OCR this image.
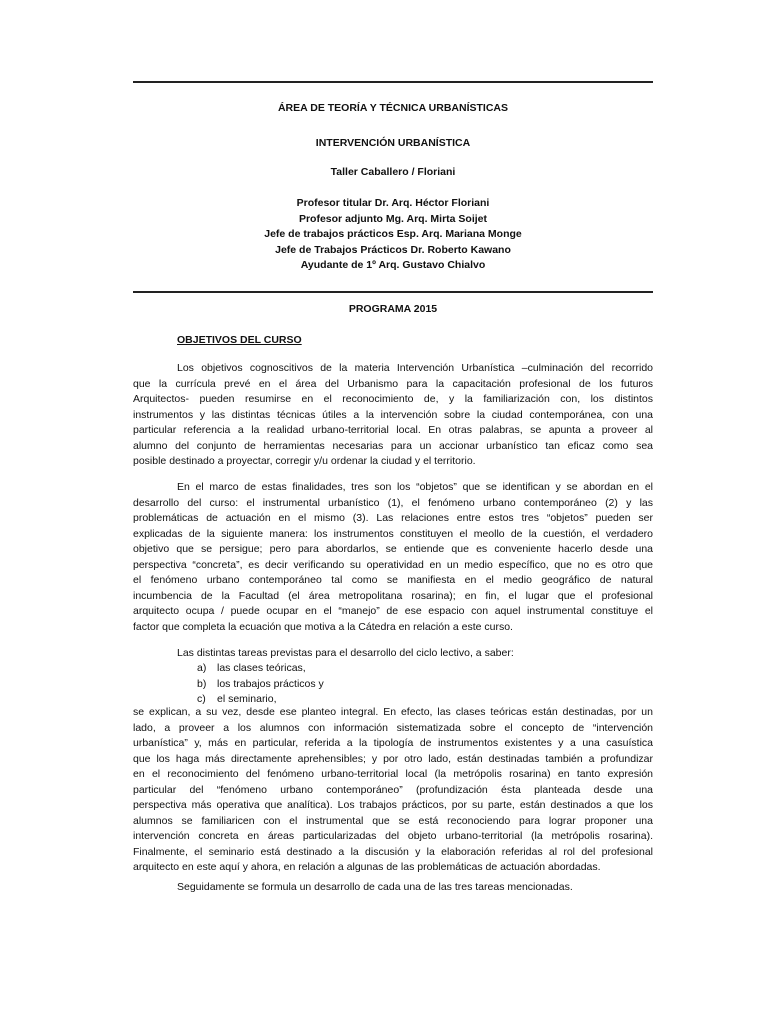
ÁREA DE TEORÍA Y TÉCNICA URBANÍSTICAS
INTERVENCIÓN URBANÍSTICA
Taller Caballero / Floriani
Profesor titular Dr. Arq. Héctor Floriani
Profesor adjunto Mg. Arq. Mirta Soijet
Jefe de trabajos prácticos Esp. Arq. Mariana Monge
Jefe de Trabajos Prácticos Dr. Roberto Kawano
Ayudante de 1º Arq. Gustavo Chialvo
PROGRAMA 2015
OBJETIVOS DEL CURSO
Los objetivos cognoscitivos de la materia Intervención Urbanística –culminación del recorrido
que la currícula prevé en el área del Urbanismo para la capacitación profesional de los futuros
Arquitectos- pueden resumirse en el reconocimiento de, y la familiarización con, los distintos
instrumentos y las distintas técnicas útiles a la intervención sobre la ciudad contemporánea, con una
particular referencia a la realidad urbano-territorial local. En otras palabras, se apunta a proveer al
alumno del conjunto de herramientas necesarias para un accionar urbanístico tan eficaz como sea
posible destinado a proyectar, corregir y/u ordenar la ciudad y el territorio.
En el marco de estas finalidades, tres son los “objetos” que se identifican y se abordan en el
desarrollo del curso: el instrumental urbanístico (1), el fenómeno urbano contemporáneo (2) y las
problemáticas de actuación en el mismo (3). Las relaciones entre estos tres “objetos” pueden ser
explicadas de la siguiente manera: los instrumentos constituyen el meollo de la cuestión, el verdadero
objetivo que se persigue; pero para abordarlos, se entiende que es conveniente hacerlo desde una
perspectiva “concreta”, es decir verificando su operatividad en un medio específico, que no es otro que
el fenómeno urbano contemporáneo tal como se manifiesta en el medio geográfico de natural
incumbencia de la Facultad (el área metropolitana rosarina); en fin, el lugar que el profesional
arquitecto ocupa / puede ocupar en el “manejo” de ese espacio con aquel instrumental constituye el
factor que completa la ecuación que motiva a la Cátedra en relación a este curso.
Las distintas tareas previstas para el desarrollo del ciclo lectivo, a saber:
a) las clases teóricas,
b) los trabajos prácticos y
c) el seminario,
se explican, a su vez, desde ese planteo integral. En efecto, las clases teóricas están destinadas, por un
lado, a proveer a los alumnos con información sistematizada sobre el concepto de “intervención
urbanística” y, más en particular, referida a la tipología de instrumentos existentes y a una casuística
que los haga más directamente aprehensibles; y por otro lado, están destinadas también a profundizar
en el reconocimiento del fenómeno urbano-territorial local (la metrópolis rosarina) en tanto expresión
particular del “fenómeno urbano contemporáneo” (profundización ésta planteada desde una
perspectiva más operativa que analítica). Los trabajos prácticos, por su parte, están destinados a que los
alumnos se familiaricen con el instrumental que se está reconociendo para lograr proponer una
intervención concreta en áreas particularizadas del objeto urbano-territorial (la metrópolis rosarina).
Finalmente, el seminario está destinado a la discusión y la elaboración referidas al rol del profesional
arquitecto en este aquí y ahora, en relación a algunas de las problemáticas de actuación abordadas.
Seguidamente se formula un desarrollo de cada una de las tres tareas mencionadas.
